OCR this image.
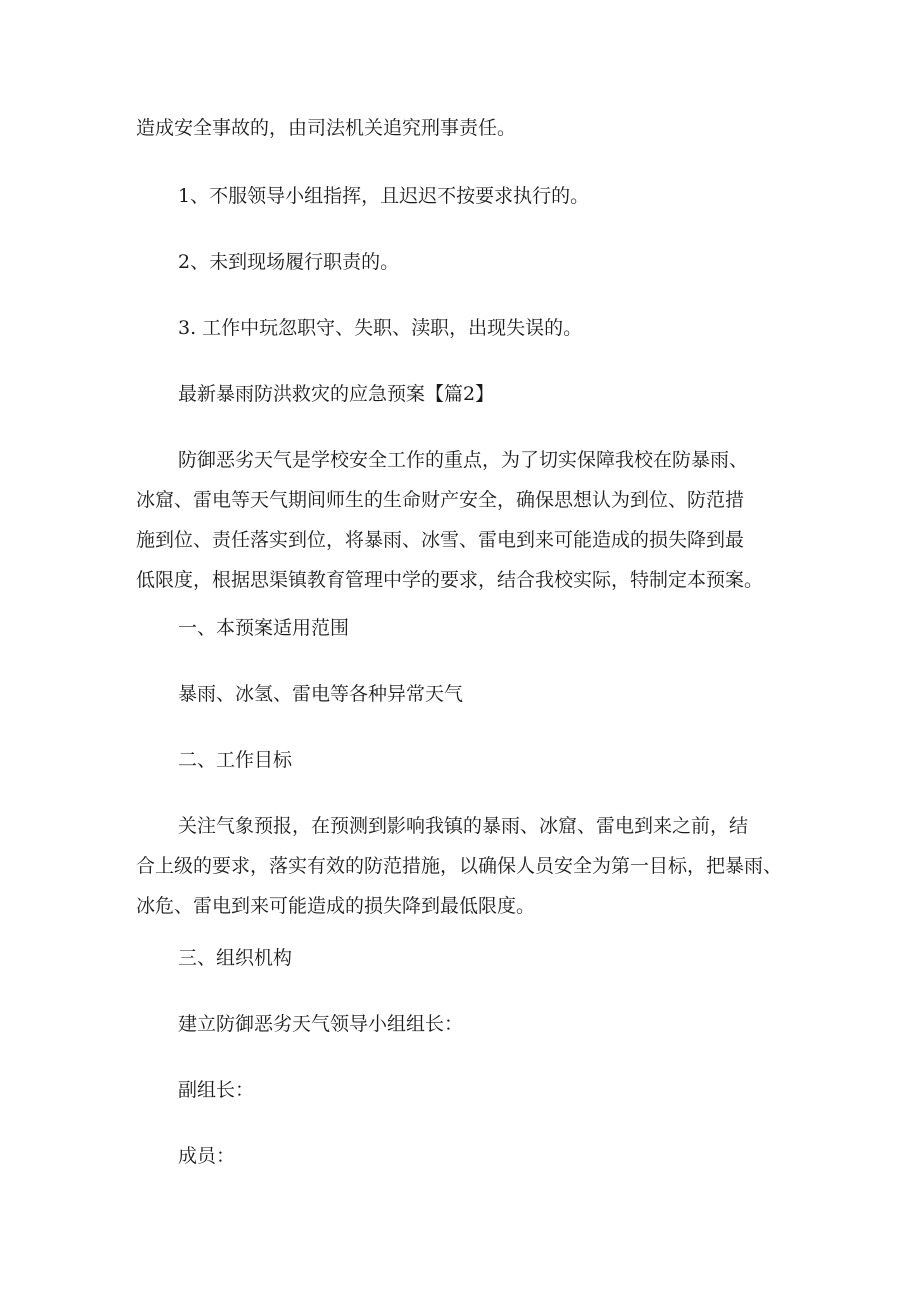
造成安全事故的，由司法机关追究刑事责任。

1、不服领导小组指挥，且迟迟不按要求执行的。

2、未到现场履行职责的。

3. 工作中玩忽职守、失职、渎职，出现失误的。

最新暴雨防洪救灾的应急预案【篇2】

防御恶劣天气是学校安全工作的重点，为了切实保障我校在防暴雨、
冰窟、雷电等天气期间师生的生命财产安全，确保思想认为到位、防范措
施到位、责任落实到位，将暴雨、冰雪、雷电到来可能造成的损失降到最
低限度，根据思渠镇教育管理中学的要求，结合我校实际，特制定本预案。

一、本预案适用范围

暴雨、冰氢、雷电等各种异常天气

二、工作目标

关注气象预报，在预测到影响我镇的暴雨、冰窟、雷电到来之前，结
合上级的要求，落实有效的防范措施，以确保人员安全为第一目标，把暴雨、
冰危、雷电到来可能造成的损失降到最低限度。

三、组织机构

建立防御恶劣天气领导小组组长：

副组长：

成员：
